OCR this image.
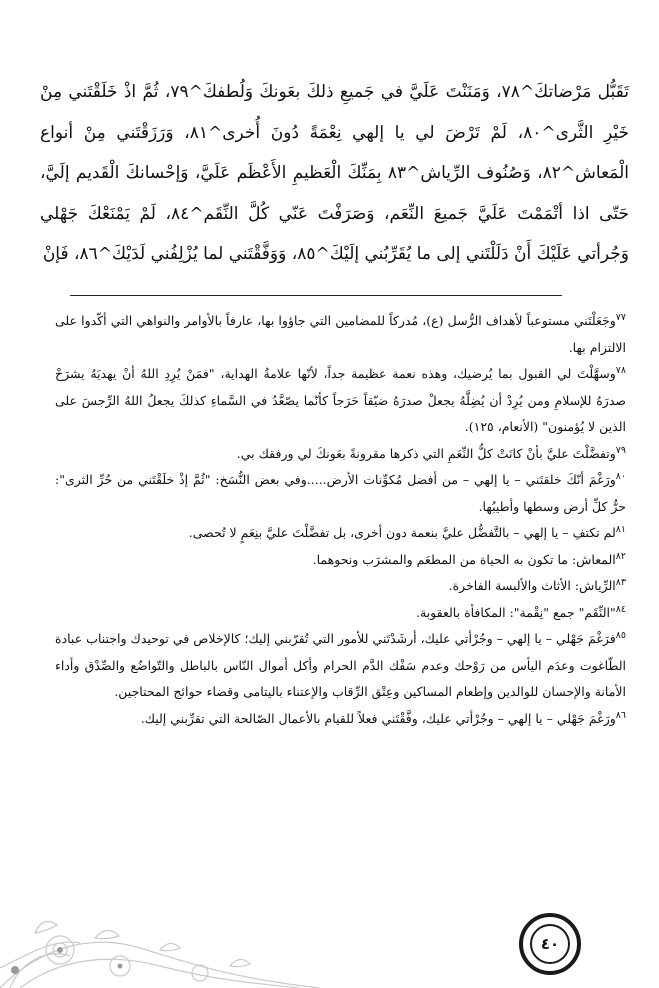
تَقَبُّل مَرْضاتكَ^٧٨، وَمَنَنْتَ عَلَيَّ في جَميعِ ذلكَ بعَونكَ وَلُطفكَ^٧٩، ثُمَّ اذْ خَلَقْتَني مِنْ خَيْرِ الثَّرى^٨٠، لَمْ تَرْضَ لي يا إلهي نِعْمَةً دُونَ أُخرى^٨١، وَرَزَقْتَني مِنْ أنواع الْمَعاش^٨٢، وَصُنُوف الرِّياش^٨٣ بِمَنِّكَ الْعَظيمِ الأَعْظَم عَلَيَّ، وَإحْسانكَ الْقَديم إلَيَّ، حَتّى اذا أتْمَمْتَ عَلَيَّ جَميعَ النِّعَم، وَصَرَفْتَ عَنّي كُلَّ النِّقَم^٨٤، لَمْ يَمْنَعْكَ جَهْلي وَجُرأتي عَلَيْكَ أَنْ دَلَلْتَني إلى ما يُقَرِّبُني إلَيْكَ^٨٥، وَوَفَّقْتَني لما يُزْلِفُني لَدَيْكَ^٨٦، فَإنْ

$^{٧٧}$وجَعَلْتَني مستوعباً لأهداف الرُّسل (ع)، مُدركاً للمضامين التي جاؤوا بها، عارفاً بالأوامر والنواهي التي أكّدوا على الالتزام بها.

$^{٧٨}$وسهَّلْتَ لي القبول بما يُرضيك، وهذه نعمة عظيمة جداً، لأنّها علامةُ الهداية، "فمَنْ يُرِدِ اللهُ أنْ يهديَهُ يشرَحْ صدرَهُ للإسلامِ ومن يُرِدْ أن يُضِلَّهُ يجعلْ صدرَهُ ضيّقاً حَرَجاً كأنّما يصّعَّدُ في السَّماءِ كذلكَ يجعلُ اللهُ الرِّجسَ على الذين لا يُؤمنون" (الأنعام، ١٢٥).

$^{٧٩}$وتفضَّلْتَ عليَّ بأنْ كانَتْ كلُّ النِّعَمِ التي ذكرها مقرونةً بعَونكَ لي ورفقك بي.

$^{٨٠}$ورَغْمَ أنّكَ خلقتَني – يا إلهي – من أفضل مُكوِّنات الأرض.....وفي بعض النُّسَخ: "ثُمَّ إذْ خلَقْتَني من حُرِّ الثرى": حرُّ كلِّ أرض وسطها وأطيبُها.

$^{٨١}$لم تكتفِ – يا إلهي – بالتَّفضُّل عليَّ بنعمة دون أخرى، بل تفضَّلْتَ عليَّ بنِعَمٍ لا تُحصى.

$^{٨٢}$المعاش: ما تكون به الحياة من المطعَم والمشرَب ونحوهما.

$^{٨٣}$الرِّياش: الأثاث والألبسة الفاخرة.

$^{٨٤}$"النِّقَم" جمع "نِقْمة": المكافأة بالعقوبة.

$^{٨٥}$فرَغْمَ جَهْلي – يا إلهي – وجُرْأتي عليك، أرشَدْتَني للأمور التي تُقرّبني إليك؛ كالإخلاص في توحيدك واجتناب عبادة الطّاغوت وعدَم اليأس من رَوْحك وعدم سَفْك الدَّم الحرام وأكل أموال النّاس بالباطل والتّواضُع والصِّدْق وأداء الأمانة والإحسان للوالدين وإطعام المساكين وعِتْق الرِّقاب والإعتناء باليتامى وقضاء حوائج المحتاجين.

$^{٨٦}$ورَغْمَ جَهْلي – يا إلهي – وجُرْأتي عليك، وفَّقْتَني فعلاً للقيام بالأعمال الصّالحة التي تقرِّبني إليك.

٤٠
